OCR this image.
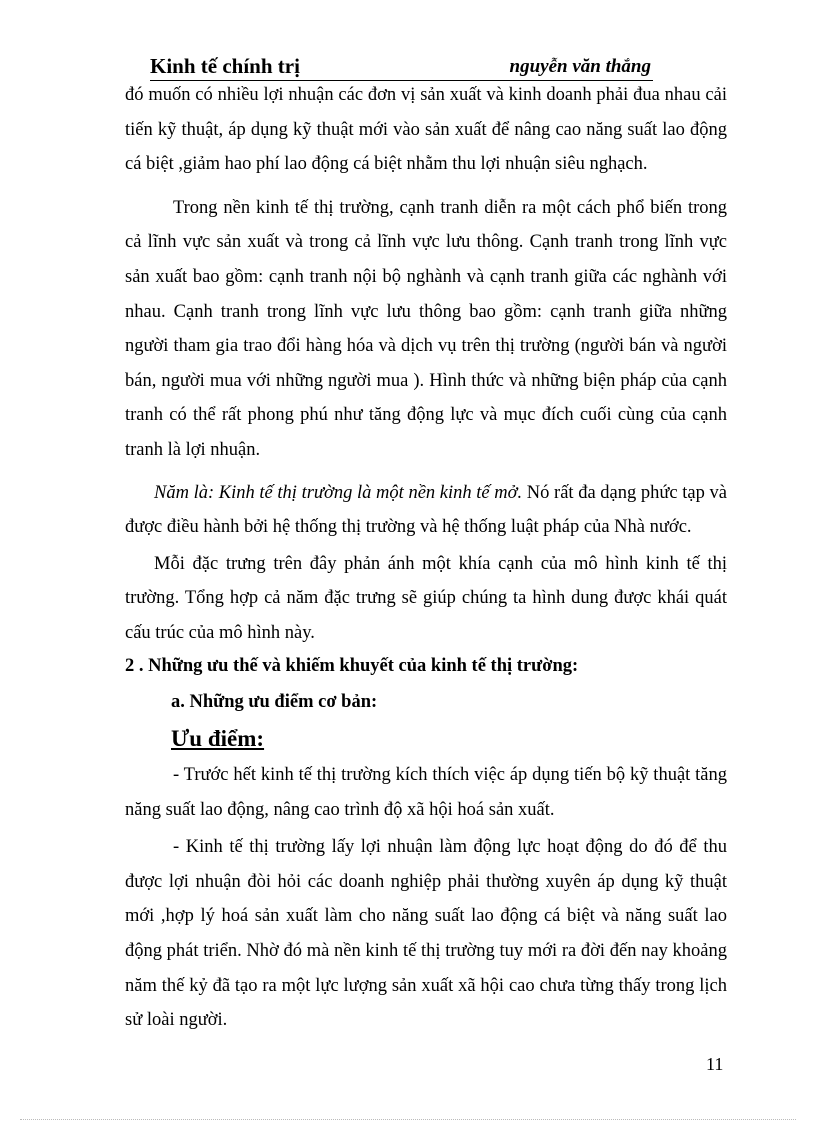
Kinh tế chính trị	nguyễn văn thắng

đó muốn có nhiều lợi nhuận các đơn vị sản xuất và kinh doanh phải đua nhau cải tiến kỹ thuật, áp dụng kỹ thuật mới vào sản xuất để nâng cao năng suất lao động cá biệt ,giảm hao phí lao động cá biệt nhằm thu lợi nhuận siêu nghạch.

Trong nền kinh tế thị trường, cạnh tranh diễn ra một cách phổ biến trong cả lĩnh vực sản xuất và trong cả lĩnh vực lưu thông. Cạnh tranh trong lĩnh vực sản xuất bao gồm: cạnh tranh nội bộ nghành và cạnh tranh giữa các nghành với nhau. Cạnh tranh trong lĩnh vực lưu thông bao gồm: cạnh tranh giữa những người tham gia trao đổi hàng hóa và dịch vụ trên thị trường (người bán và người bán, người mua với những người mua ). Hình thức và những biện pháp của cạnh tranh có thể rất phong phú như tăng động lực và mục đích cuối cùng của cạnh tranh là lợi nhuận.

Năm là: Kinh tế thị trường là một nền kinh tế mở. Nó rất đa dạng phức tạp và được điều hành bởi hệ thống thị trường và hệ thống luật pháp của Nhà nước.

Mỗi đặc trưng trên đây phản ánh một khía cạnh của mô hình kinh tế thị trường. Tổng hợp cả năm đặc trưng sẽ giúp chúng ta hình dung được khái quát cấu trúc của mô hình này.

2 . Những ưu thế và khiếm khuyết của kinh tế thị trường:
a. Những ưu điểm cơ bản:
Ưu điểm:

- Trước hết kinh tế thị trường kích thích việc áp dụng tiến bộ kỹ thuật tăng năng suất lao động, nâng cao trình độ xã hội hoá sản xuất.

- Kinh tế thị trường lấy lợi nhuận làm động lực hoạt động do đó để thu được lợi nhuận đòi hỏi các doanh nghiệp phải thường xuyên áp dụng kỹ thuật mới ,hợp lý hoá sản xuất làm cho năng suất lao động cá biệt và năng suất lao động phát triển. Nhờ đó mà nền kinh tế thị trường tuy mới ra đời đến nay khoảng năm thế kỷ đã tạo ra một lực lượng sản xuất xã hội cao chưa từng thấy trong lịch sử loài người.

11
